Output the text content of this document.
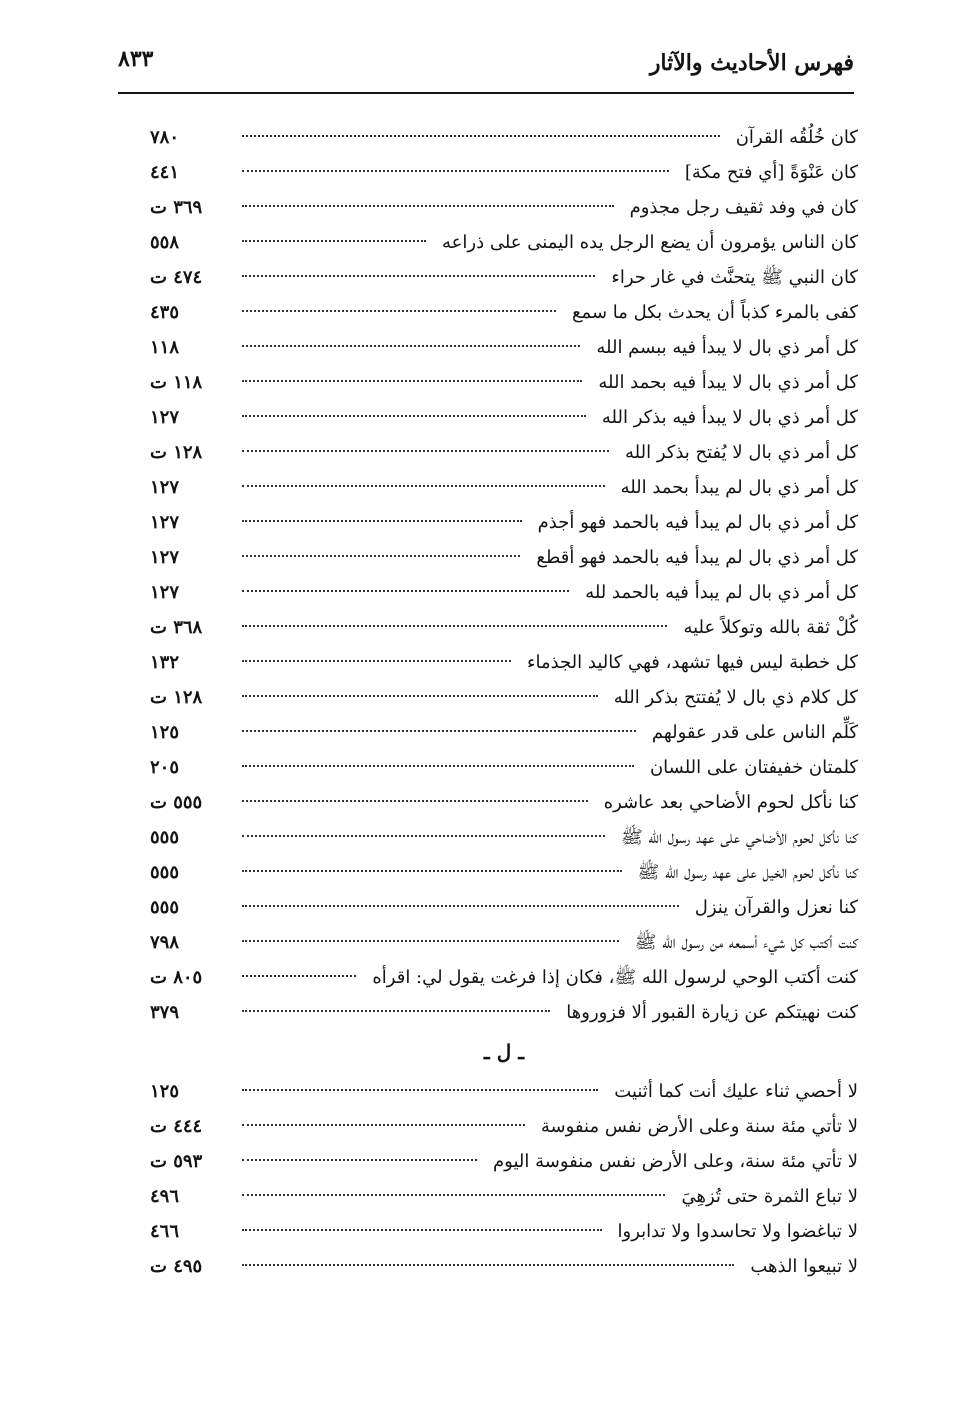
فهرس الأحاديث والآثار
٨٣٣
كان خُلُقُه القرآن
٧٨٠
كان عَنْوَةً [أي فتح مكة]
٤٤١
كان في وفد ثقيف رجل مجذوم
٣٦٩ ت
كان الناس يؤمرون أن يضع الرجل يده اليمنى على ذراعه
٥٥٨
كان النبي ﷺ يتحنَّث في غار حراء
٤٧٤ ت
كفى بالمرء كذباً أن يحدث بكل ما سمع
٤٣٥
كل أمر ذي بال لا يبدأ فيه ببسم الله
١١٨
كل أمر ذي بال لا يبدأ فيه بحمد الله
١١٨ ت
كل أمر ذي بال لا يبدأ فيه بذكر الله
١٢٧
كل أمر ذي بال لا يُفتح بذكر الله
١٢٨ ت
كل أمر ذي بال لم يبدأ بحمد الله
١٢٧
كل أمر ذي بال لم يبدأ فيه بالحمد فهو أجذم
١٢٧
كل أمر ذي بال لم يبدأ فيه بالحمد فهو أقطع
١٢٧
كل أمر ذي بال لم يبدأ فيه بالحمد لله
١٢٧
كُلْ ثقة بالله وتوكلاً عليه
٣٦٨ ت
كل خطبة ليس فيها تشهد، فهي كاليد الجذماء
١٣٢
كل كلام ذي بال لا يُفتتح بذكر الله
١٢٨ ت
كَلِّم الناس على قدر عقولهم
١٢٥
كلمتان خفيفتان على اللسان
٢٠٥
كنا نأكل لحوم الأضاحي بعد عاشره
٥٥٥ ت
كنا نأكل لحوم الأضاحي على عهد رسول الله ﷺ
٥٥٥
كنا نأكل لحوم الخيل على عهد رسول الله ﷺ
٥٥٥
كنا نعزل والقرآن ينزل
٥٥٥
كنت أكتب كل شيء أسمعه من رسول الله ﷺ
٧٩٨
كنت أكتب الوحي لرسول الله ﷺ، فكان إذا فرغت يقول لي: اقرأه
٨٠٥ ت
كنت نهيتكم عن زيارة القبور ألا فزوروها
٣٧٩
ـ ل ـ
لا أحصي ثناء عليك أنت كما أثنيت
١٢٥
لا تأتي مئة سنة وعلى الأرض نفس منفوسة
٤٤٤ ت
لا تأتي مئة سنة، وعلى الأرض نفس منفوسة اليوم
٥٩٣ ت
لا تباع الثمرة حتى تُزهِيَ
٤٩٦
لا تباغضوا ولا تحاسدوا ولا تدابروا
٤٦٦
لا تبيعوا الذهب
٤٩٥ ت
